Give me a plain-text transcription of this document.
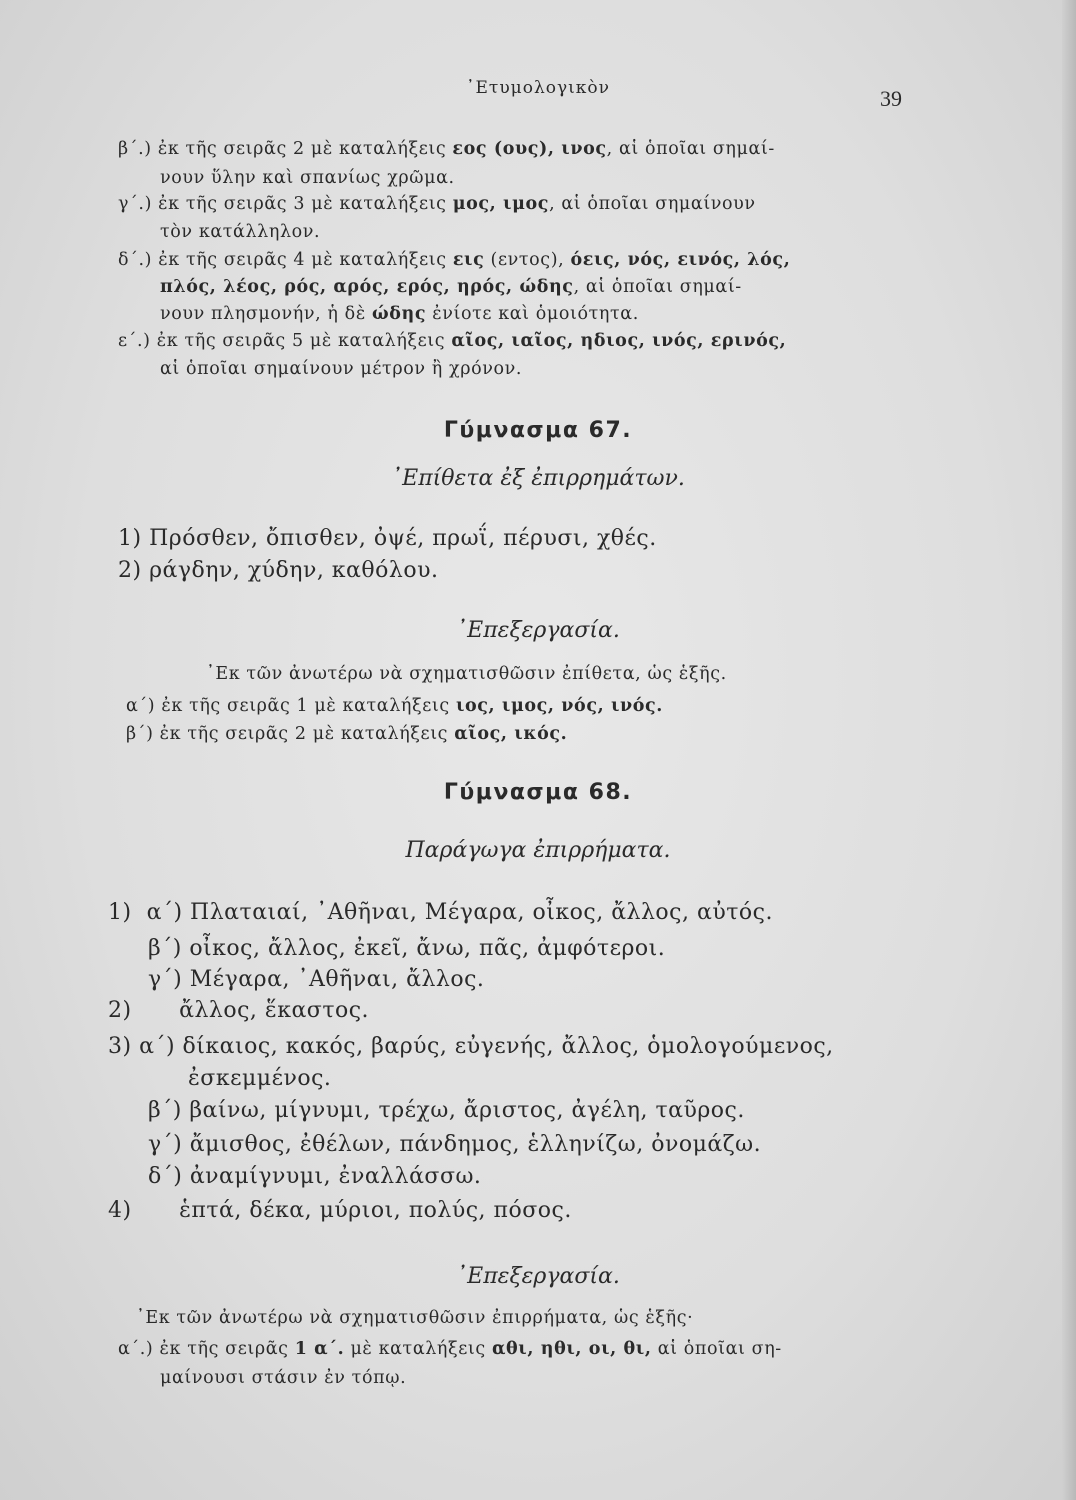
᾿Ετυμολογικὸν	39
β΄.) ἐκ τῆς σειρᾶς 2 μὲ καταλήξεις εος (ους), ινος, αἱ ὁποῖαι σημαί-
νουν ὕλην καὶ σπανίως χρῶμα.
γ΄.) ἐκ τῆς σειρᾶς 3 μὲ καταλήξεις μος, ιμος, αἱ ὁποῖαι σημαίνουν
τὸν κατάλληλον.
δ΄.) ἐκ τῆς σειρᾶς 4 μὲ καταλήξεις εις (εντος), όεις, νός, εινός, λός,
πλός, λέος, ρός, αρός, ερός, ηρός, ώδης, αἱ ὁποῖαι σημαί-
νουν πλησμονήν, ἡ δὲ ώδης ἐνίοτε καὶ ὁμοιότητα.
ε΄.) ἐκ τῆς σειρᾶς 5 μὲ καταλήξεις αῖος, ιαῖος, ηδιος, ινός, ερινός,
αἱ ὁποῖαι σημαίνουν μέτρον ἢ χρόνον.
Γύμνασμα 67.
᾿Επίθετα ἐξ ἐπιρρημάτων.
1) Πρόσθεν, ὄπισθεν, ὀψέ, πρωΐ, πέρυσι, χθές.
2) ράγδην, χύδην, καθόλου.
᾿Επεξεργασία.
᾿Εκ τῶν ἀνωτέρω νὰ σχηματισθῶσιν ἐπίθετα, ὡς ἑξῆς.
α΄) ἐκ τῆς σειρᾶς 1 μὲ καταλήξεις ιος, ιμος, νός, ινός.
β΄) ἐκ τῆς σειρᾶς 2 μὲ καταλήξεις αῖος, ικός.
Γύμνασμα 68.
Παράγωγα ἐπιρρήματα.
1) α΄) Πλαταιαί, ᾿Αθῆναι, Μέγαρα, οἶκος, ἄλλος, αὐτός.
β΄) οἶκος, ἄλλος, ἐκεῖ, ἄνω, πᾶς, ἀμφότεροι.
γ΄) Μέγαρα, ᾿Αθῆναι, ἄλλος.
2) ἄλλος, ἕκαστος.
3) α΄) δίκαιος, κακός, βαρύς, εὐγενής, ἄλλος, ὁμολογούμενος,
ἐσκεμμένος.
β΄) βαίνω, μίγνυμι, τρέχω, ἄριστος, ἀγέλη, ταῦρος.
γ΄) ἄμισθος, ἐθέλων, πάνδημος, ἑλληνίζω, ὀνομάζω.
δ΄) ἀναμίγνυμι, ἐναλλάσσω.
4) ἑπτά, δέκα, μύριοι, πολύς, πόσος.
᾿Επεξεργασία.
᾿Εκ τῶν ἀνωτέρω νὰ σχηματισθῶσιν ἐπιρρήματα, ὡς ἑξῆς·
α΄.) ἐκ τῆς σειρᾶς 1 α΄. μὲ καταλήξεις αθι, ηθι, οι, θι, αἱ ὁποῖαι ση-
μαίνουσι στάσιν ἐν τόπῳ.
